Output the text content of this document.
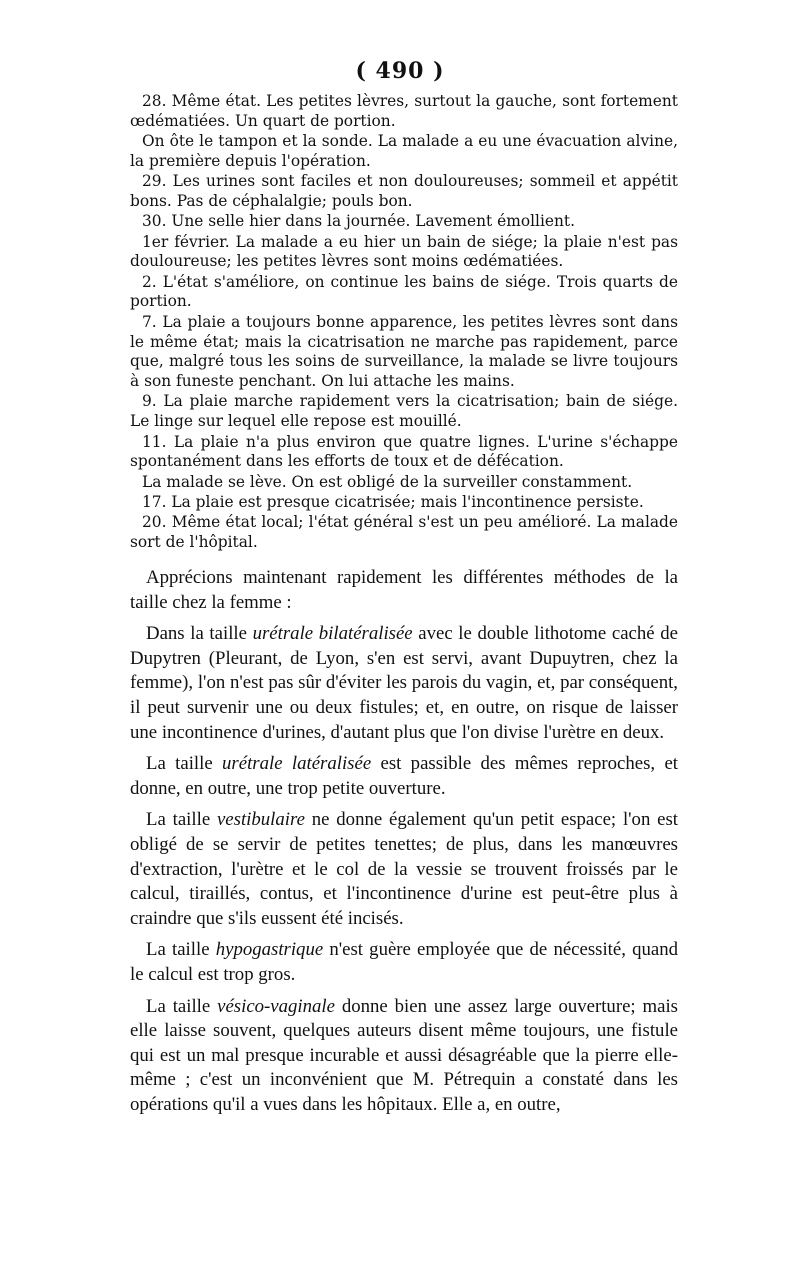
( 490 )

28. Même état. Les petites lèvres, surtout la gauche, sont fortement œdématiées. Un quart de portion.

On ôte le tampon et la sonde. La malade a eu une évacuation alvine, la première depuis l'opération.

29. Les urines sont faciles et non douloureuses; sommeil et appétit bons. Pas de céphalalgie; pouls bon.

30. Une selle hier dans la journée. Lavement émollient.

1er février. La malade a eu hier un bain de siége; la plaie n'est pas douloureuse; les petites lèvres sont moins œdématiées.

2. L'état s'améliore, on continue les bains de siége. Trois quarts de portion.

7. La plaie a toujours bonne apparence, les petites lèvres sont dans le même état; mais la cicatrisation ne marche pas rapidement, parce que, malgré tous les soins de surveillance, la malade se livre toujours à son funeste penchant. On lui attache les mains.

9. La plaie marche rapidement vers la cicatrisation; bain de siége. Le linge sur lequel elle repose est mouillé.

11. La plaie n'a plus environ que quatre lignes. L'urine s'échappe spontanément dans les efforts de toux et de défécation.

La malade se lève. On est obligé de la surveiller constamment.

17. La plaie est presque cicatrisée; mais l'incontinence persiste.

20. Même état local; l'état général s'est un peu amélioré. La malade sort de l'hôpital.

Apprécions maintenant rapidement les différentes méthodes de la taille chez la femme :

Dans la taille urétrale bilatéralisée avec le double lithotome caché de Dupytren (Pleurant, de Lyon, s'en est servi, avant Dupuytren, chez la femme), l'on n'est pas sûr d'éviter les parois du vagin, et, par conséquent, il peut survenir une ou deux fistules; et, en outre, on risque de laisser une incontinence d'urines, d'autant plus que l'on divise l'urètre en deux.

La taille urétrale latéralisée est passible des mêmes reproches, et donne, en outre, une trop petite ouverture.

La taille vestibulaire ne donne également qu'un petit espace; l'on est obligé de se servir de petites tenettes; de plus, dans les manœuvres d'extraction, l'urètre et le col de la vessie se trouvent froissés par le calcul, tiraillés, contus, et l'incontinence d'urine est peut-être plus à craindre que s'ils eussent été incisés.

La taille hypogastrique n'est guère employée que de nécessité, quand le calcul est trop gros.

La taille vésico-vaginale donne bien une assez large ouverture; mais elle laisse souvent, quelques auteurs disent même toujours, une fistule qui est un mal presque incurable et aussi désagréable que la pierre elle-même ; c'est un inconvénient que M. Pétrequin a constaté dans les opérations qu'il a vues dans les hôpitaux. Elle a, en outre,
